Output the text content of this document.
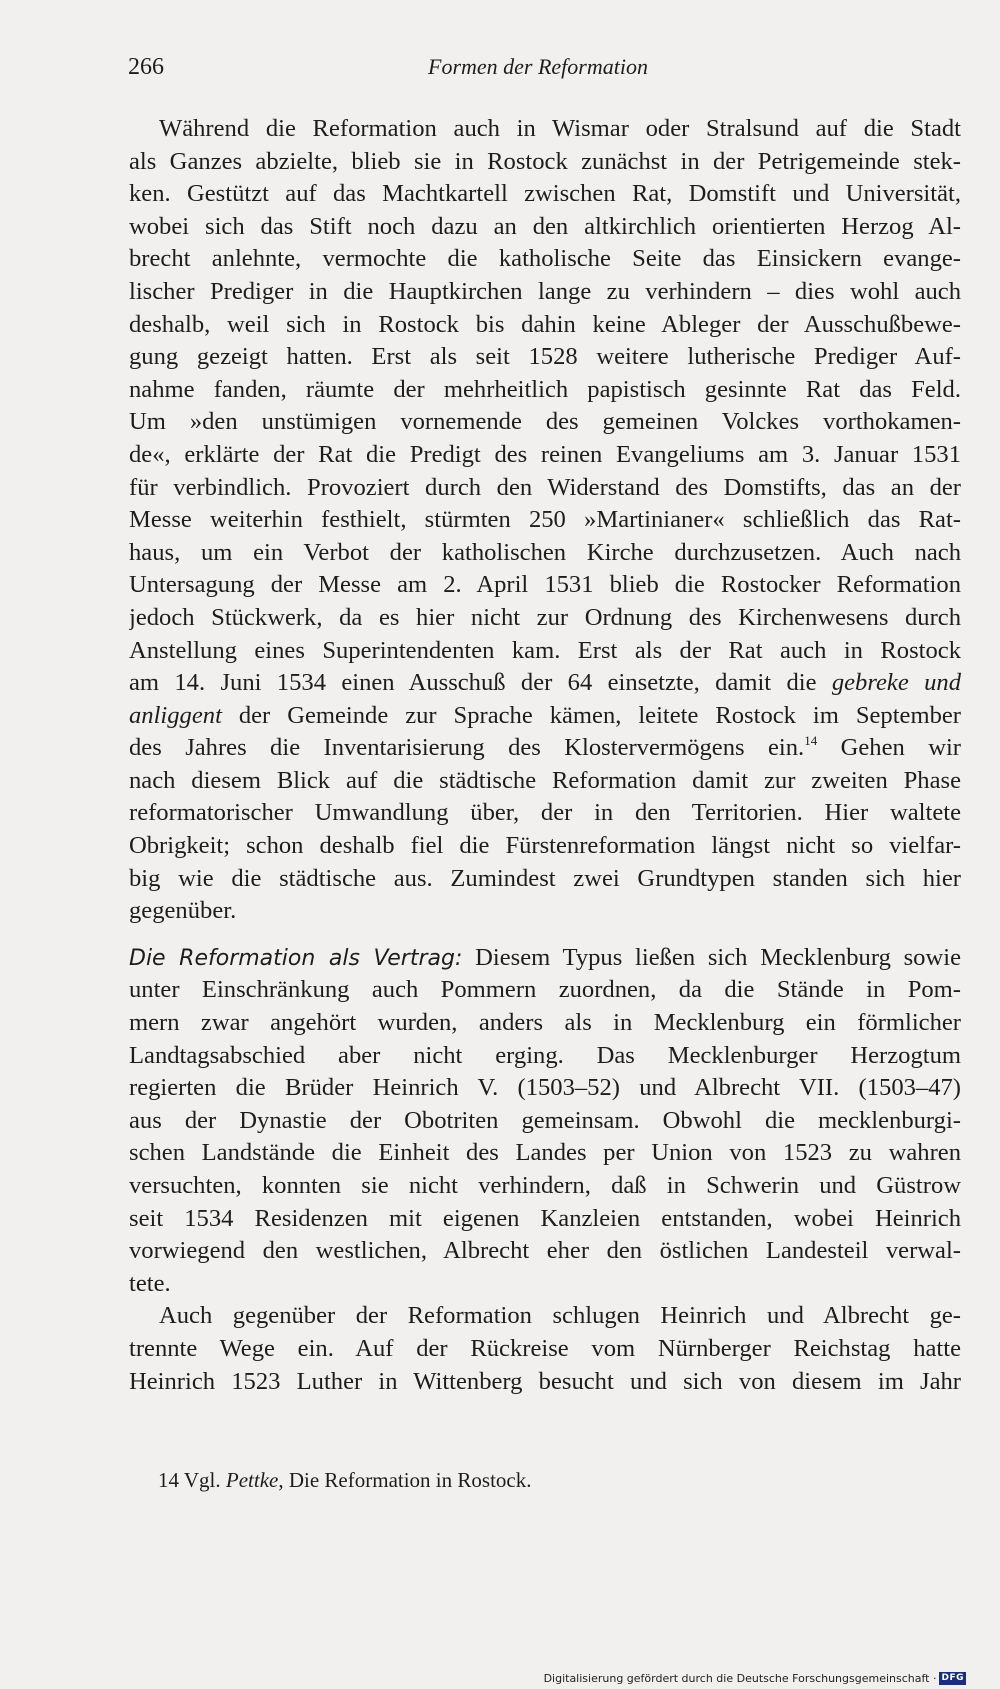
266	Formen der Reformation
Während die Reformation auch in Wismar oder Stralsund auf die Stadt
als Ganzes abzielte, blieb sie in Rostock zunächst in der Petrigemeinde stek-
ken. Gestützt auf das Machtkartell zwischen Rat, Domstift und Universität,
wobei sich das Stift noch dazu an den altkirchlich orientierten Herzog Al-
brecht anlehnte, vermochte die katholische Seite das Einsickern evange-
lischer Prediger in die Hauptkirchen lange zu verhindern – dies wohl auch
deshalb, weil sich in Rostock bis dahin keine Ableger der Ausschußbewe-
gung gezeigt hatten. Erst als seit 1528 weitere lutherische Prediger Auf-
nahme fanden, räumte der mehrheitlich papistisch gesinnte Rat das Feld.
Um »den unstümigen vornemende des gemeinen Volckes vorthokamen-
de«, erklärte der Rat die Predigt des reinen Evangeliums am 3. Januar 1531
für verbindlich. Provoziert durch den Widerstand des Domstifts, das an der
Messe weiterhin festhielt, stürmten 250 »Martinianer« schließlich das Rat-
haus, um ein Verbot der katholischen Kirche durchzusetzen. Auch nach
Untersagung der Messe am 2. April 1531 blieb die Rostocker Reformation
jedoch Stückwerk, da es hier nicht zur Ordnung des Kirchenwesens durch
Anstellung eines Superintendenten kam. Erst als der Rat auch in Rostock
am 14. Juni 1534 einen Ausschuß der 64 einsetzte, damit die gebreke und
anliggent der Gemeinde zur Sprache kämen, leitete Rostock im September
des Jahres die Inventarisierung des Klostervermögens ein.$^{14}$ Gehen wir
nach diesem Blick auf die städtische Reformation damit zur zweiten Phase
reformatorischer Umwandlung über, der in den Territorien. Hier waltete
Obrigkeit; schon deshalb fiel die Fürstenreformation längst nicht so vielfar-
big wie die städtische aus. Zumindest zwei Grundtypen standen sich hier
gegenüber.
Die Reformation als Vertrag: Diesem Typus ließen sich Mecklenburg sowie
unter Einschränkung auch Pommern zuordnen, da die Stände in Pom-
mern zwar angehört wurden, anders als in Mecklenburg ein förmlicher
Landtagsabschied aber nicht erging. Das Mecklenburger Herzogtum
regierten die Brüder Heinrich V. (1503–52) und Albrecht VII. (1503–47)
aus der Dynastie der Obotriten gemeinsam. Obwohl die mecklenburgi-
schen Landstände die Einheit des Landes per Union von 1523 zu wahren
versuchten, konnten sie nicht verhindern, daß in Schwerin und Güstrow
seit 1534 Residenzen mit eigenen Kanzleien entstanden, wobei Heinrich
vorwiegend den westlichen, Albrecht eher den östlichen Landesteil verwal-
tete.
Auch gegenüber der Reformation schlugen Heinrich und Albrecht ge-
trennte Wege ein. Auf der Rückreise vom Nürnberger Reichstag hatte
Heinrich 1523 Luther in Wittenberg besucht und sich von diesem im Jahr
14 Vgl. Pettke, Die Reformation in Rostock.
Digitalisierung gefördert durch die Deutsche Forschungsgemeinschaft · DFG
